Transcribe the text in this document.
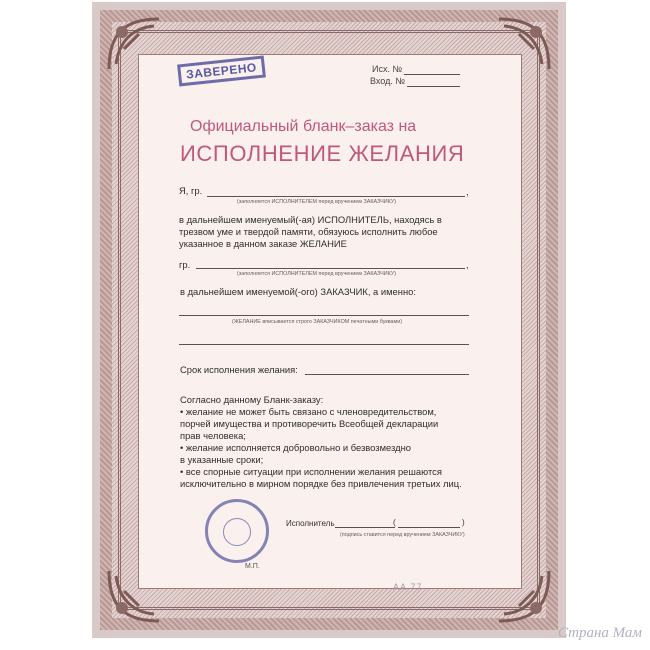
ЗАВЕРЕНО	Исх. №
Вход. №
Официальный бланк–заказ на
ИСПОЛНЕНИЕ ЖЕЛАНИЯ
Я, гр.	,
(заполняется ИСПОЛНИТЕЛЕМ перед вручением ЗАКАЗЧИКУ)
в дальнейшем именуемый(-ая) ИСПОЛНИТЕЛЬ, находясь в
трезвом уме и твердой памяти, обязуюсь исполнить любое
указанное в данном заказе ЖЕЛАНИЕ
гр.	,
(заполняется ИСПОЛНИТЕЛЕМ перед вручением ЗАКАЗЧИКУ)
в дальнейшем именуемой(-ого) ЗАКАЗЧИК, а именно:
(ЖЕЛАНИЕ вписывается строго ЗАКАЗЧИКОМ печатными буквами)
Срок исполнения желания:
Согласно данному Бланк-заказу:
• желание не может быть связано с членовредительством,
порчей имущества и противоречить Всеобщей декларации
прав человека;
• желание исполняется добровольно и безвозмездно
в указанные сроки;
• все спорные ситуации при исполнении желания решаются
исключительно в мирном порядке без привлечения третьих лиц.
М.П.
Исполнитель	(	)
(подпись ставится перед вручением ЗАКАЗЧИКУ)
АА 77
Страна Мам
